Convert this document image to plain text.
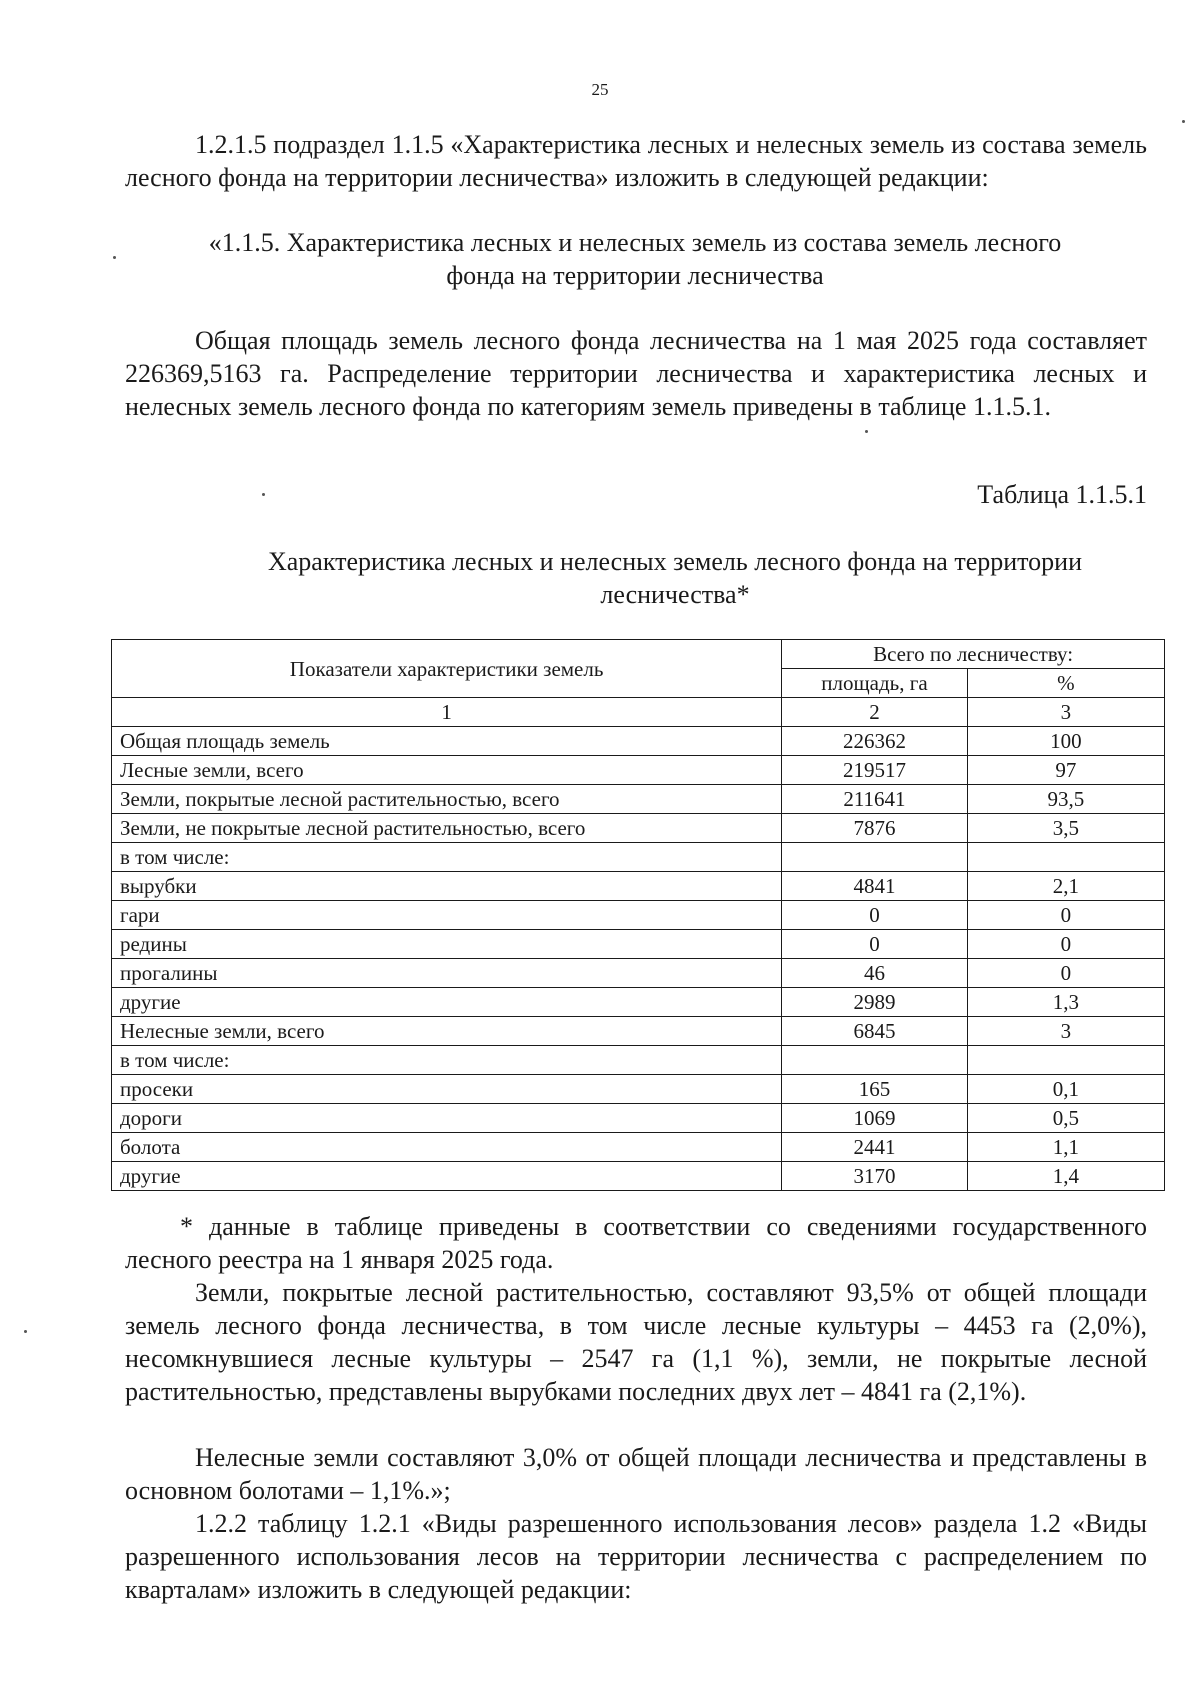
25

1.2.1.5 подраздел 1.1.5 «Характеристика лесных и нелесных земель из состава земель лесного фонда на территории лесничества» изложить в следующей редакции:

«1.1.5. Характеристика лесных и нелесных земель из состава земель лесного фонда на территории лесничества

Общая площадь земель лесного фонда лесничества на 1 мая 2025 года составляет 226369,5163 га. Распределение территории лесничества и характеристика лесных и нелесных земель лесного фонда по категориям земель приведены в таблице 1.1.5.1.

Таблица 1.1.5.1
Характеристика лесных и нелесных земель лесного фонда на территории лесничества*
Показатели характеристики земель	Всего по лесничеству:	
	площадь, га	%
1	2	3
Общая площадь земель	226362	100
Лесные земли, всего	219517	97
Земли, покрытые лесной растительностью, всего	211641	93,5
Земли, не покрытые лесной растительностью, всего	7876	3,5
в том числе:		
вырубки	4841	2,1
гари	0	0
редины	0	0
прогалины	46	0
другие	2989	1,3
Нелесные земли, всего	6845	3
в том числе:		
просеки	165	0,1
дороги	1069	0,5
болота	2441	1,1
другие	3170	1,4

* данные в таблице приведены в соответствии со сведениями государственного лесного реестра на 1 января 2025 года.

Земли, покрытые лесной растительностью, составляют 93,5% от общей площади земель лесного фонда лесничества, в том числе лесные культуры – 4453 га (2,0%), несомкнувшиеся лесные культуры – 2547 га (1,1 %), земли, не покрытые лесной растительностью, представлены вырубками последних двух лет – 4841 га (2,1%).

Нелесные земли составляют 3,0% от общей площади лесничества и представлены в основном болотами – 1,1%.»;

1.2.2 таблицу 1.2.1 «Виды разрешенного использования лесов» раздела 1.2 «Виды разрешенного использования лесов на территории лесничества с распределением по кварталам» изложить в следующей редакции:
